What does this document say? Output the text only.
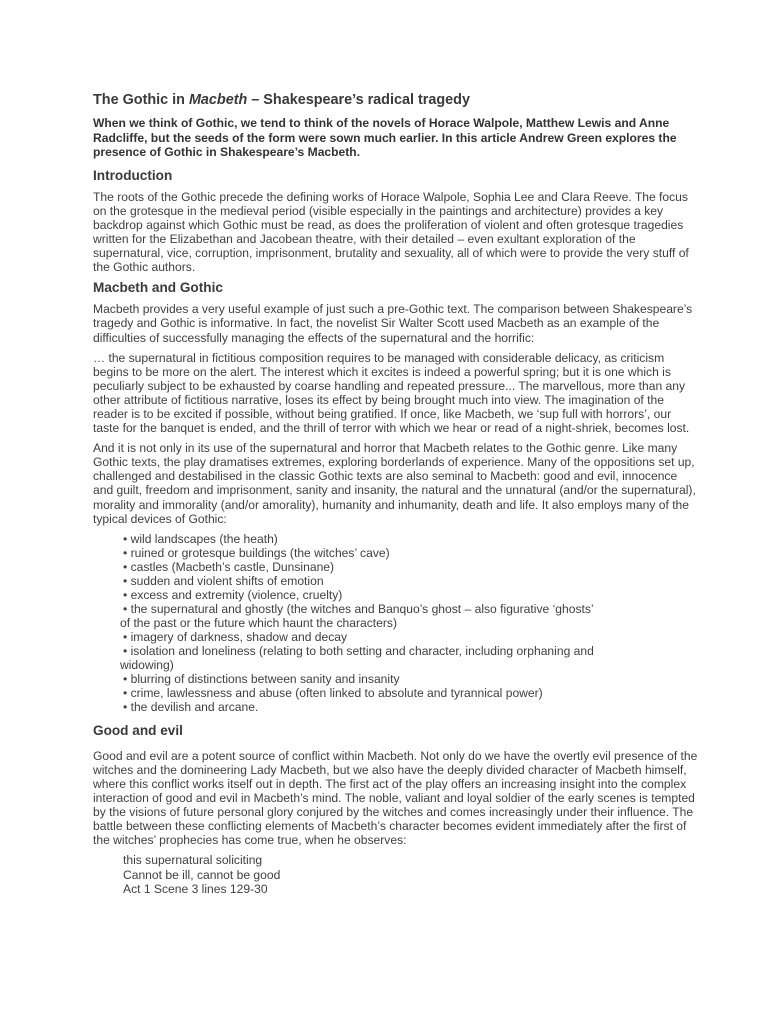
The Gothic in Macbeth – Shakespeare’s radical tragedy
When we think of Gothic, we tend to think of the novels of Horace Walpole, Matthew Lewis and Anne Radcliffe, but the seeds of the form were sown much earlier. In this article Andrew Green explores the presence of Gothic in Shakespeare’s Macbeth.
Introduction

The roots of the Gothic precede the defining works of Horace Walpole, Sophia Lee and Clara Reeve. The focus on the grotesque in the medieval period (visible especially in the paintings and architecture) provides a key backdrop against which Gothic must be read, as does the proliferation of violent and often grotesque tragedies written for the Elizabethan and Jacobean theatre, with their detailed – even exultant exploration of the supernatural, vice, corruption, imprisonment, brutality and sexuality, all of which were to provide the very stuff of the Gothic authors.

Macbeth and Gothic

Macbeth provides a very useful example of just such a pre-Gothic text. The comparison between Shakespeare’s tragedy and Gothic is informative. In fact, the novelist Sir Walter Scott used Macbeth as an example of the difficulties of successfully managing the effects of the supernatural and the horrific:

… the supernatural in fictitious composition requires to be managed with considerable delicacy, as criticism begins to be more on the alert. The interest which it excites is indeed a powerful spring; but it is one which is peculiarly subject to be exhausted by coarse handling and repeated pressure... The marvellous, more than any other attribute of fictitious narrative, loses its effect by being brought much into view. The imagination of the reader is to be excited if possible, without being gratified. If once, like Macbeth, we ‘sup full with horrors’, our taste for the banquet is ended, and the thrill of terror with which we hear or read of a night-shriek, becomes lost.

And it is not only in its use of the supernatural and horror that Macbeth relates to the Gothic genre. Like many Gothic texts, the play dramatises extremes, exploring borderlands of experience. Many of the oppositions set up, challenged and destabilised in the classic Gothic texts are also seminal to Macbeth: good and evil, innocence and guilt, freedom and imprisonment, sanity and insanity, the natural and the unnatural (and/or the supernatural), morality and immorality (and/or amorality), humanity and inhumanity, death and life. It also employs many of the typical devices of Gothic:

• wild landscapes (the heath)
• ruined or grotesque buildings (the witches’ cave)
• castles (Macbeth’s castle, Dunsinane)
• sudden and violent shifts of emotion
• excess and extremity (violence, cruelty)
• the supernatural and ghostly (the witches and Banquo’s ghost – also figurative ‘ghosts’
of the past or the future which haunt the characters)
• imagery of darkness, shadow and decay
• isolation and loneliness (relating to both setting and character, including orphaning and
widowing)
• blurring of distinctions between sanity and insanity
• crime, lawlessness and abuse (often linked to absolute and tyrannical power)
• the devilish and arcane.
Good and evil

Good and evil are a potent source of conflict within Macbeth. Not only do we have the overtly evil presence of the witches and the domineering Lady Macbeth, but we also have the deeply divided character of Macbeth himself, where this conflict works itself out in depth. The first act of the play offers an increasing insight into the complex interaction of good and evil in Macbeth’s mind. The noble, valiant and loyal soldier of the early scenes is tempted by the visions of future personal glory conjured by the witches and comes increasingly under their influence. The battle between these conflicting elements of Macbeth’s character becomes evident immediately after the first of the witches’ prophecies has come true, when he observes:

this supernatural soliciting
Cannot be ill, cannot be good
Act 1 Scene 3 lines 129-30
